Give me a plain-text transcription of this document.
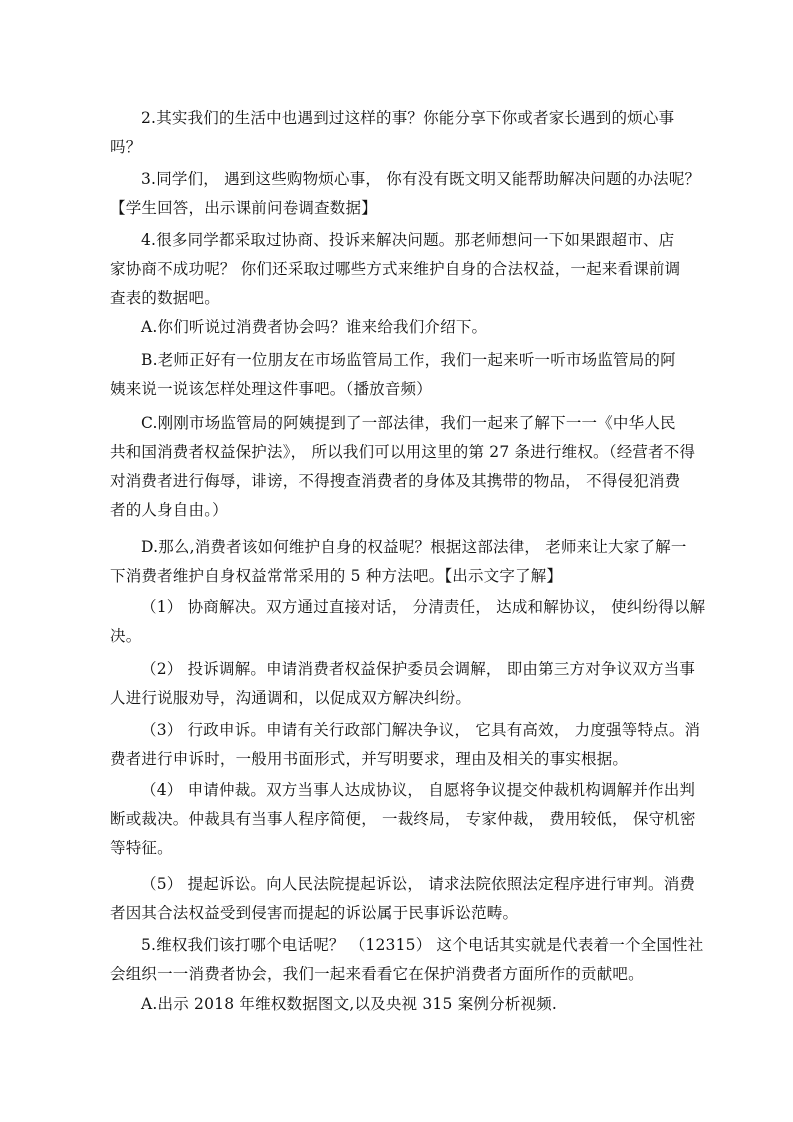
2.其实我们的生活中也遇到过这样的事？你能分享下你或者家长遇到的烦心事
吗？
3.同学们， 遇到这些购物烦心事， 你有没有既文明又能帮助解决问题的办法呢？
【学生回答，出示课前问卷调查数据】
4.很多同学都采取过协商、投诉来解决问题。那老师想问一下如果跟超市、店
家协商不成功呢？ 你们还采取过哪些方式来维护自身的合法权益，一起来看课前调
查表的数据吧。
A.你们听说过消费者协会吗？谁来给我们介绍下。
B.老师正好有一位朋友在市场监管局工作，我们一起来听一听市场监管局的阿
姨来说一说该怎样处理这件事吧。（播放音频）
C.刚刚市场监管局的阿姨提到了一部法律，我们一起来了解下一一《中华人民
共和国消费者权益保护法》， 所以我们可以用这里的第 27 条进行维权。（经营者不得
对消费者进行侮辱，诽谤，不得搜查消费者的身体及其携带的物品， 不得侵犯消费
者的人身自由。）
D.那么,消费者该如何维护自身的权益呢？根据这部法律， 老师来让大家了解一
下消费者维护自身权益常常采用的 5 种方法吧。【出示文字了解】
（1） 协商解决。双方通过直接对话， 分清责任， 达成和解协议， 使纠纷得以解
决。
（2） 投诉调解。申请消费者权益保护委员会调解， 即由第三方对争议双方当事
人进行说服劝导，沟通调和，以促成双方解决纠纷。
（3） 行政申诉。申请有关行政部门解决争议， 它具有高效， 力度强等特点。消
费者进行申诉时，一般用书面形式，并写明要求，理由及相关的事实根据。
（4） 申请仲裁。双方当事人达成协议， 自愿将争议提交仲裁机构调解并作出判
断或裁决。仲裁具有当事人程序简便， 一裁终局， 专家仲裁， 费用较低， 保守机密
等特征。
（5） 提起诉讼。向人民法院提起诉讼， 请求法院依照法定程序进行审判。消费
者因其合法权益受到侵害而提起的诉讼属于民事诉讼范畴。
5.维权我们该打哪个电话呢？ （12315） 这个电话其实就是代表着一个全国性社
会组织一一消费者协会，我们一起来看看它在保护消费者方面所作的贡献吧。
A.出示 2018 年维权数据图文,以及央视 315 案例分析视频.
